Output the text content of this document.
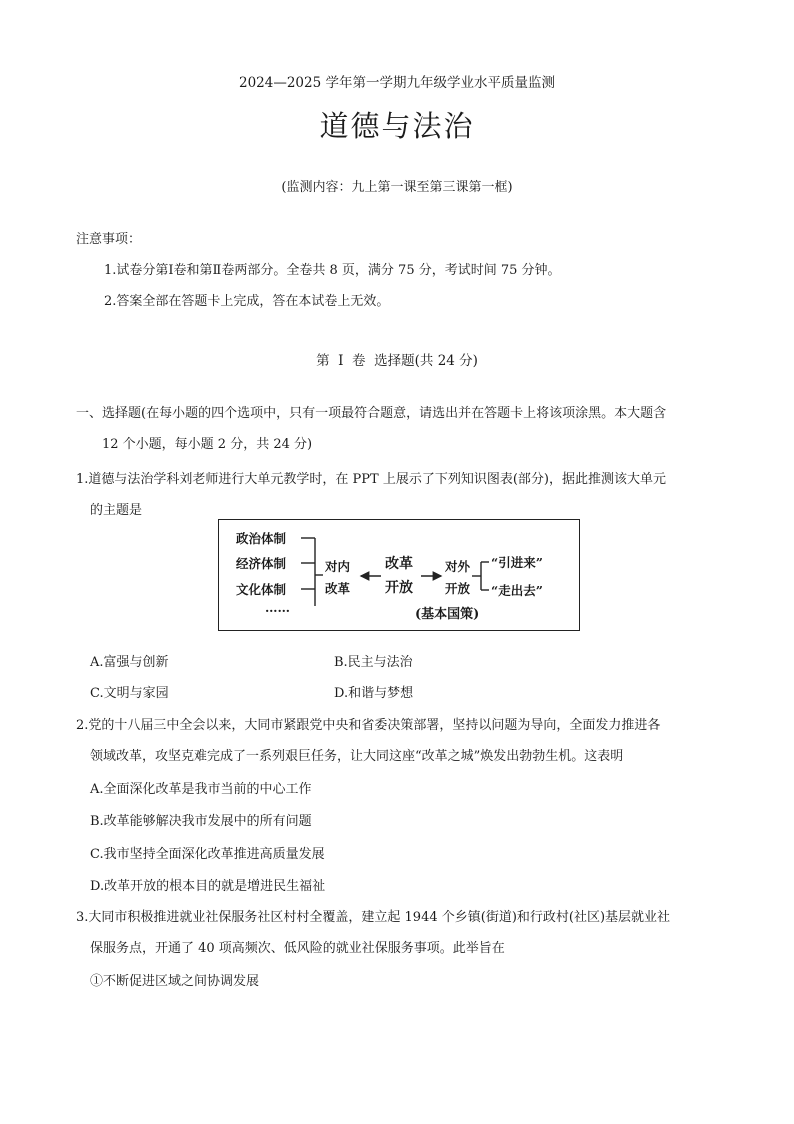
2024—2025 学年第一学期九年级学业水平质量监测
道德与法治
(监测内容：九上第一课至第三课第一框)
注意事项：
1.试卷分第Ⅰ卷和第Ⅱ卷两部分。全卷共 8 页，满分 75 分，考试时间 75 分钟。
2.答案全部在答题卡上完成，答在本试卷上无效。
第  Ⅰ  卷  选择题(共 24 分)
一、选择题(在每小题的四个选项中，只有一项最符合题意，请选出并在答题卡上将该项涂黑。本大题含
12 个小题，每小题 2 分，共 24 分)
1.道德与法治学科刘老师进行大单元教学时，在 PPT 上展示了下列知识图表(部分)，据此推测该大单元
的主题是
政治体制
经济体制
文化体制
……
对内
改革
改革
开放
对外
开放
“引进来”
“走出去”
(基本国策)
A.富强与创新	B.民主与法治
C.文明与家园	D.和谐与梦想
2.党的十八届三中全会以来，大同市紧跟党中央和省委决策部署，坚持以问题为导向，全面发力推进各
领域改革，攻坚克难完成了一系列艰巨任务，让大同这座“改革之城”焕发出勃勃生机。这表明
A.全面深化改革是我市当前的中心工作
B.改革能够解决我市发展中的所有问题
C.我市坚持全面深化改革推进高质量发展
D.改革开放的根本目的就是增进民生福祉
3.大同市积极推进就业社保服务社区村村全覆盖，建立起 1944 个乡镇(街道)和行政村(社区)基层就业社
保服务点，开通了 40 项高频次、低风险的就业社保服务事项。此举旨在
①不断促进区域之间协调发展
